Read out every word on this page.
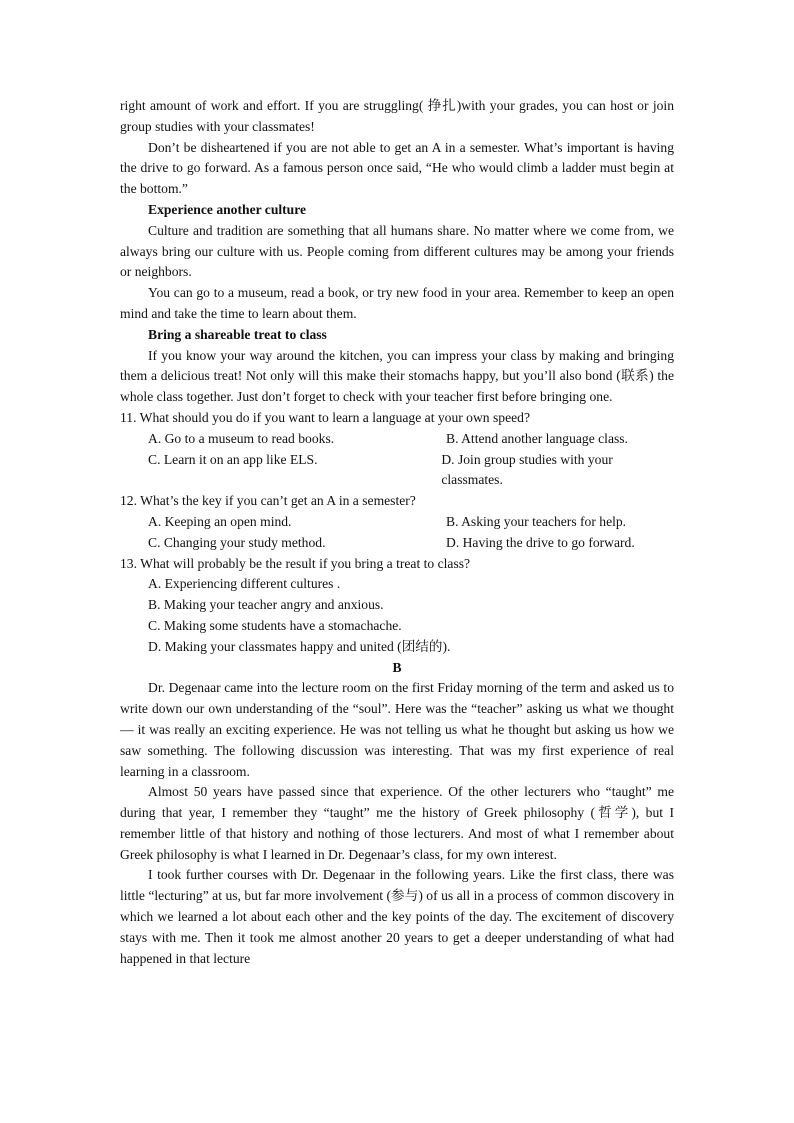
right amount of work and effort. If you are struggling( 挣扎)with your grades, you can host or join group studies with your classmates!

Don’t be disheartened if you are not able to get an A in a semester. What’s important is having the drive to go forward. As a famous person once said, “He who would climb a ladder must begin at the bottom.”

Experience another culture

Culture and tradition are something that all humans share. No matter where we come from, we always bring our culture with us. People coming from different cultures may be among your friends or neighbors.

You can go to a museum, read a book, or try new food in your area. Remember to keep an open mind and take the time to learn about them.

Bring a shareable treat to class

If you know your way around the kitchen, you can impress your class by making and bringing them a delicious treat! Not only will this make their stomachs happy, but you’ll also bond (联系) the whole class together. Just don’t forget to check with your teacher first before bringing one.

11. What should you do if you want to learn a language at your own speed?
A. Go to a museum to read books.	B. Attend another language class.
C. Learn it on an app like ELS.	D. Join group studies with your classmates.
12. What’s the key if you can’t get an A in a semester?
A. Keeping an open mind.	B. Asking your teachers for help.
C. Changing your study method.	D. Having the drive to go forward.
13. What will probably be the result if you bring a treat to class?
A. Experiencing different cultures .
B. Making your teacher angry and anxious.
C. Making some students have a stomachache.
D. Making your classmates happy and united (团结的).
B

Dr. Degenaar came into the lecture room on the first Friday morning of the term and asked us to write down our own understanding of the “soul”. Here was the “teacher” asking us what we thought — it was really an exciting experience. He was not telling us what he thought but asking us how we saw something. The following discussion was interesting. That was my first experience of real learning in a classroom.

Almost 50 years have passed since that experience. Of the other lecturers who “taught” me during that year, I remember they “taught” me the history of Greek philosophy (哲学), but I remember little of that history and nothing of those lecturers. And most of what I remember about Greek philosophy is what I learned in Dr. Degenaar’s class, for my own interest.

I took further courses with Dr. Degenaar in the following years. Like the first class, there was little “lecturing” at us, but far more involvement (参与) of us all in a process of common discovery in which we learned a lot about each other and the key points of the day. The excitement of discovery stays with me. Then it took me almost another 20 years to get a deeper understanding of what had happened in that lecture
